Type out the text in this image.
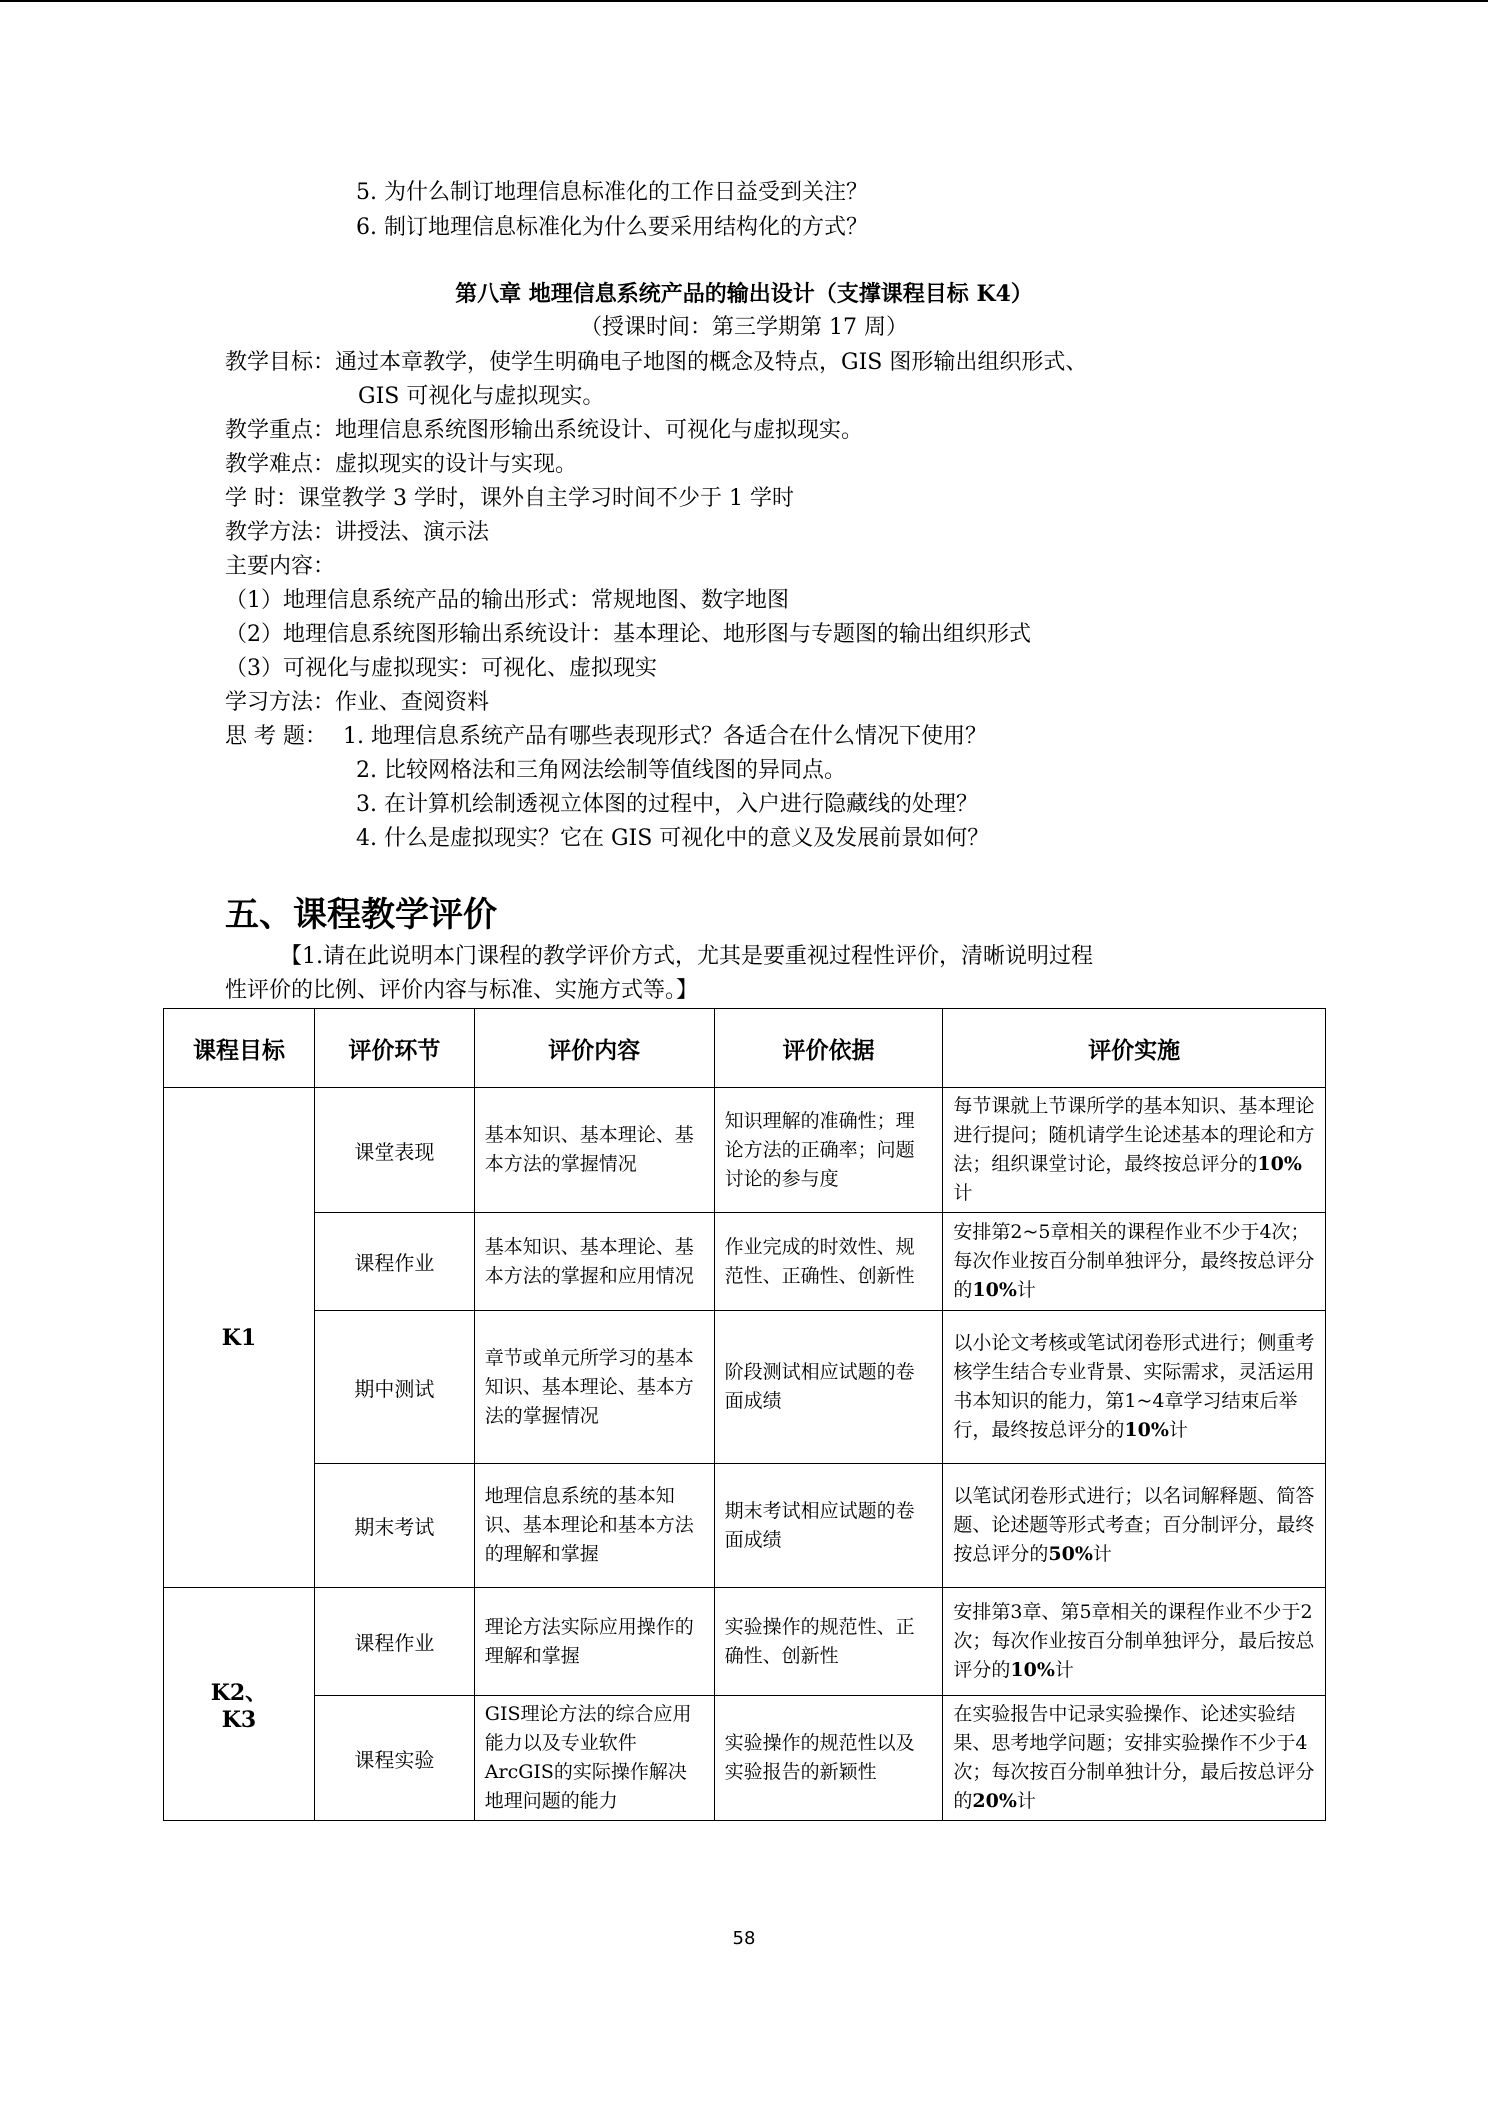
5. 为什么制订地理信息标准化的工作日益受到关注？
6. 制订地理信息标准化为什么要采用结构化的方式？
第八章 地理信息系统产品的输出设计（支撑课程目标 K4）
（授课时间：第三学期第 17 周）
教学目标：通过本章教学，使学生明确电子地图的概念及特点，GIS 图形输出组织形式、
GIS 可视化与虚拟现实。
教学重点：地理信息系统图形输出系统设计、可视化与虚拟现实。
教学难点：虚拟现实的设计与实现。
学 时：课堂教学 3 学时，课外自主学习时间不少于 1 学时
教学方法：讲授法、演示法
主要内容：
（1）地理信息系统产品的输出形式：常规地图、数字地图
（2）地理信息系统图形输出系统设计：基本理论、地形图与专题图的输出组织形式
（3）可视化与虚拟现实：可视化、虚拟现实
学习方法：作业、查阅资料
思 考 题： 1. 地理信息系统产品有哪些表现形式？各适合在什么情况下使用？
2. 比较网格法和三角网法绘制等值线图的异同点。
3. 在计算机绘制透视立体图的过程中，入户进行隐藏线的处理？
4. 什么是虚拟现实？它在 GIS 可视化中的意义及发展前景如何？
五、课程教学评价
【1.请在此说明本门课程的教学评价方式，尤其是要重视过程性评价，清晰说明过程
性评价的比例、评价内容与标准、实施方式等。】
课程目标	评价环节	评价内容	评价依据	评价实施
K1	课堂表现	基本知识、基本理论、基本方法的掌握情况	知识理解的准确性；理论方法的正确率；问题讨论的参与度	每节课就上节课所学的基本知识、基本理论进行提问；随机请学生论述基本的理论和方法；组织课堂讨论，最终按总评分的10%计
	课程作业	基本知识、基本理论、基本方法的掌握和应用情况	作业完成的时效性、规范性、正确性、创新性	安排第2~5章相关的课程作业不少于4次；每次作业按百分制单独评分，最终按总评分的10%计
	期中测试	章节或单元所学习的基本知识、基本理论、基本方法的掌握情况	阶段测试相应试题的卷面成绩	以小论文考核或笔试闭卷形式进行；侧重考核学生结合专业背景、实际需求，灵活运用书本知识的能力，第1~4章学习结束后举行，最终按总评分的10%计
	期末考试	地理信息系统的基本知识、基本理论和基本方法的理解和掌握	期末考试相应试题的卷面成绩	以笔试闭卷形式进行；以名词解释题、简答题、论述题等形式考查；百分制评分，最终按总评分的50%计

K2、
K3	课程作业	理论方法实际应用操作的理解和掌握	实验操作的规范性、正确性、创新性	安排第3章、第5章相关的课程作业不少于2次；每次作业按百分制单独评分，最后按总评分的10%计
	课程实验	GIS理论方法的综合应用能力以及专业软件ArcGIS的实际操作解决地理问题的能力	实验操作的规范性以及实验报告的新颖性	在实验报告中记录实验操作、论述实验结果、思考地学问题；安排实验操作不少于4次；每次按百分制单独计分，最后按总评分的20%计
58
